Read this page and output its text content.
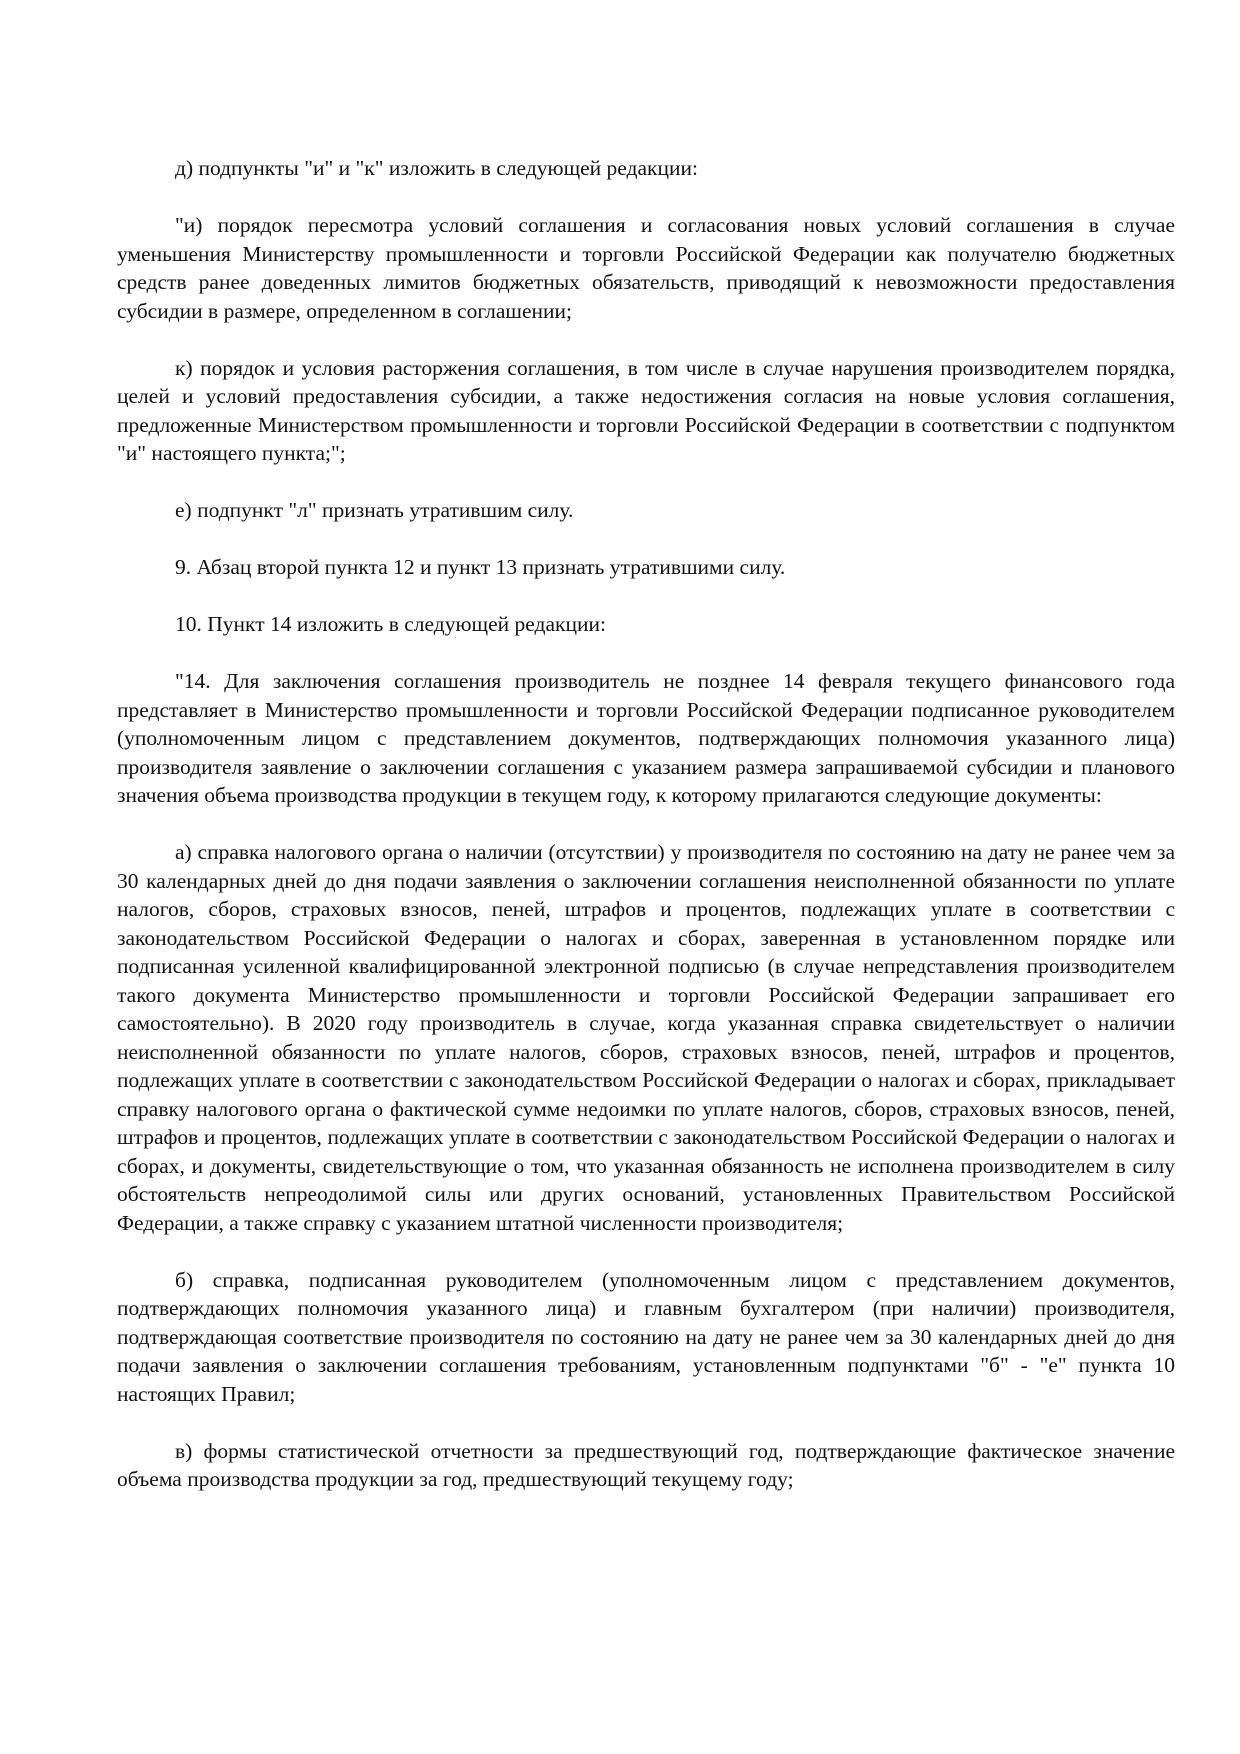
д) подпункты "и" и "к" изложить в следующей редакции:

"и) порядок пересмотра условий соглашения и согласования новых условий соглашения в случае уменьшения Министерству промышленности и торговли Российской Федерации как получателю бюджетных средств ранее доведенных лимитов бюджетных обязательств, приводящий к невозможности предоставления субсидии в размере, определенном в соглашении;

к) порядок и условия расторжения соглашения, в том числе в случае нарушения производителем порядка, целей и условий предоставления субсидии, а также недостижения согласия на новые условия соглашения, предложенные Министерством промышленности и торговли Российской Федерации в соответствии с подпунктом "и" настоящего пункта;";

е) подпункт "л" признать утратившим силу.

9. Абзац второй пункта 12 и пункт 13 признать утратившими силу.

10. Пункт 14 изложить в следующей редакции:

"14. Для заключения соглашения производитель не позднее 14 февраля текущего финансового года представляет в Министерство промышленности и торговли Российской Федерации подписанное руководителем (уполномоченным лицом с представлением документов, подтверждающих полномочия указанного лица) производителя заявление о заключении соглашения с указанием размера запрашиваемой субсидии и планового значения объема производства продукции в текущем году, к которому прилагаются следующие документы:

а) справка налогового органа о наличии (отсутствии) у производителя по состоянию на дату не ранее чем за 30 календарных дней до дня подачи заявления о заключении соглашения неисполненной обязанности по уплате налогов, сборов, страховых взносов, пеней, штрафов и процентов, подлежащих уплате в соответствии с законодательством Российской Федерации о налогах и сборах, заверенная в установленном порядке или подписанная усиленной квалифицированной электронной подписью (в случае непредставления производителем такого документа Министерство промышленности и торговли Российской Федерации запрашивает его самостоятельно). В 2020 году производитель в случае, когда указанная справка свидетельствует о наличии неисполненной обязанности по уплате налогов, сборов, страховых взносов, пеней, штрафов и процентов, подлежащих уплате в соответствии с законодательством Российской Федерации о налогах и сборах, прикладывает справку налогового органа о фактической сумме недоимки по уплате налогов, сборов, страховых взносов, пеней, штрафов и процентов, подлежащих уплате в соответствии с законодательством Российской Федерации о налогах и сборах, и документы, свидетельствующие о том, что указанная обязанность не исполнена производителем в силу обстоятельств непреодолимой силы или других оснований, установленных Правительством Российской Федерации, а также справку с указанием штатной численности производителя;

б) справка, подписанная руководителем (уполномоченным лицом с представлением документов, подтверждающих полномочия указанного лица) и главным бухгалтером (при наличии) производителя, подтверждающая соответствие производителя по состоянию на дату не ранее чем за 30 календарных дней до дня подачи заявления о заключении соглашения требованиям, установленным подпунктами "б" - "е" пункта 10 настоящих Правил;

в) формы статистической отчетности за предшествующий год, подтверждающие фактическое значение объема производства продукции за год, предшествующий текущему году;
